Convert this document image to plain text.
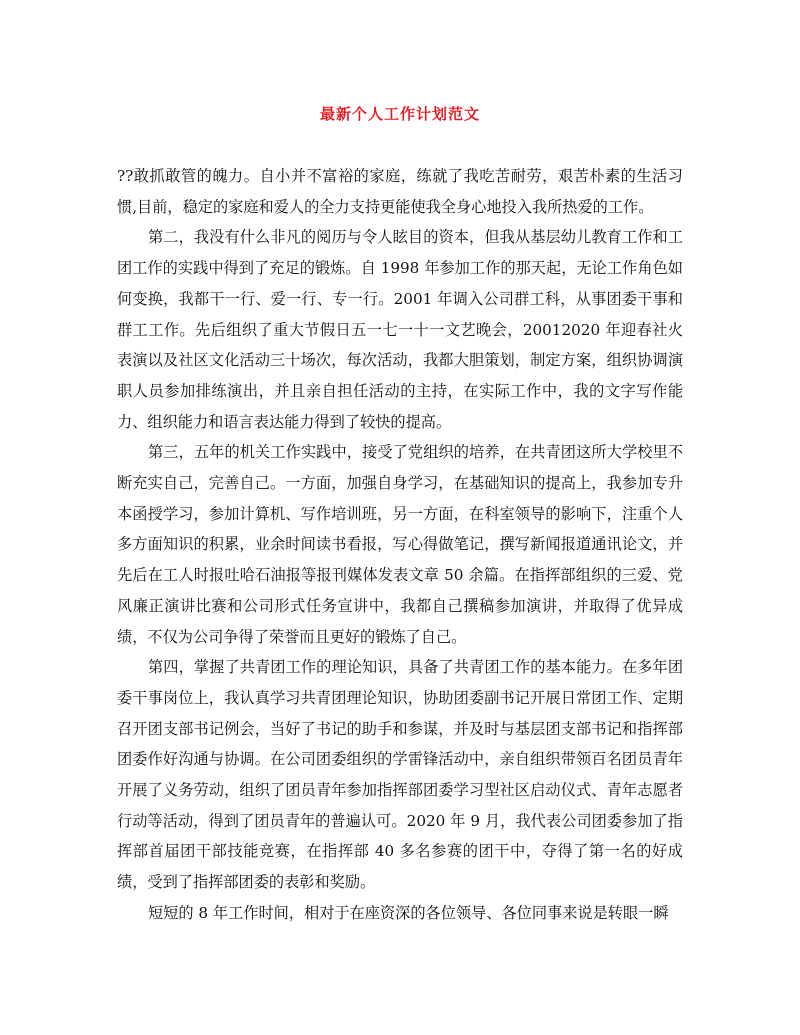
最新个人工作计划范文

??敢抓敢管的魄力。自小并不富裕的家庭，练就了我吃苦耐劳，艰苦朴素的生活习惯,目前，稳定的家庭和爱人的全力支持更能使我全身心地投入我所热爱的工作。

第二，我没有什么非凡的阅历与令人眩目的资本，但我从基层幼儿教育工作和工团工作的实践中得到了充足的锻炼。自 1998 年参加工作的那天起，无论工作角色如何变换，我都干一行、爱一行、专一行。2001 年调入公司群工科，从事团委干事和群工工作。先后组织了重大节假日五一七一十一文艺晚会，20012020 年迎春社火表演以及社区文化活动三十场次，每次活动，我都大胆策划，制定方案，组织协调演职人员参加排练演出，并且亲自担任活动的主持，在实际工作中，我的文字写作能力、组织能力和语言表达能力得到了较快的提高。

第三，五年的机关工作实践中，接受了党组织的培养，在共青团这所大学校里不断充实自己，完善自己。一方面，加强自身学习，在基础知识的提高上，我参加专升本函授学习，参加计算机、写作培训班，另一方面，在科室领导的影响下，注重个人多方面知识的积累，业余时间读书看报，写心得做笔记，撰写新闻报道通讯论文，并先后在工人时报吐哈石油报等报刊媒体发表文章 50 余篇。在指挥部组织的三爱、党风廉正演讲比赛和公司形式任务宣讲中，我都自己撰稿参加演讲，并取得了优异成绩，不仅为公司争得了荣誉而且更好的锻炼了自己。

第四，掌握了共青团工作的理论知识，具备了共青团工作的基本能力。在多年团委干事岗位上，我认真学习共青团理论知识，协助团委副书记开展日常团工作、定期召开团支部书记例会，当好了书记的助手和参谋，并及时与基层团支部书记和指挥部团委作好沟通与协调。在公司团委组织的学雷锋活动中，亲自组织带领百名团员青年开展了义务劳动，组织了团员青年参加指挥部团委学习型社区启动仪式、青年志愿者行动等活动，得到了团员青年的普遍认可。2020 年 9 月，我代表公司团委参加了指挥部首届团干部技能竞赛，在指挥部 40 多名参赛的团干中，夺得了第一名的好成绩，受到了指挥部团委的表彰和奖励。

短短的 8 年工作时间，相对于在座资深的各位领导、各位同事来说是转眼一瞬
